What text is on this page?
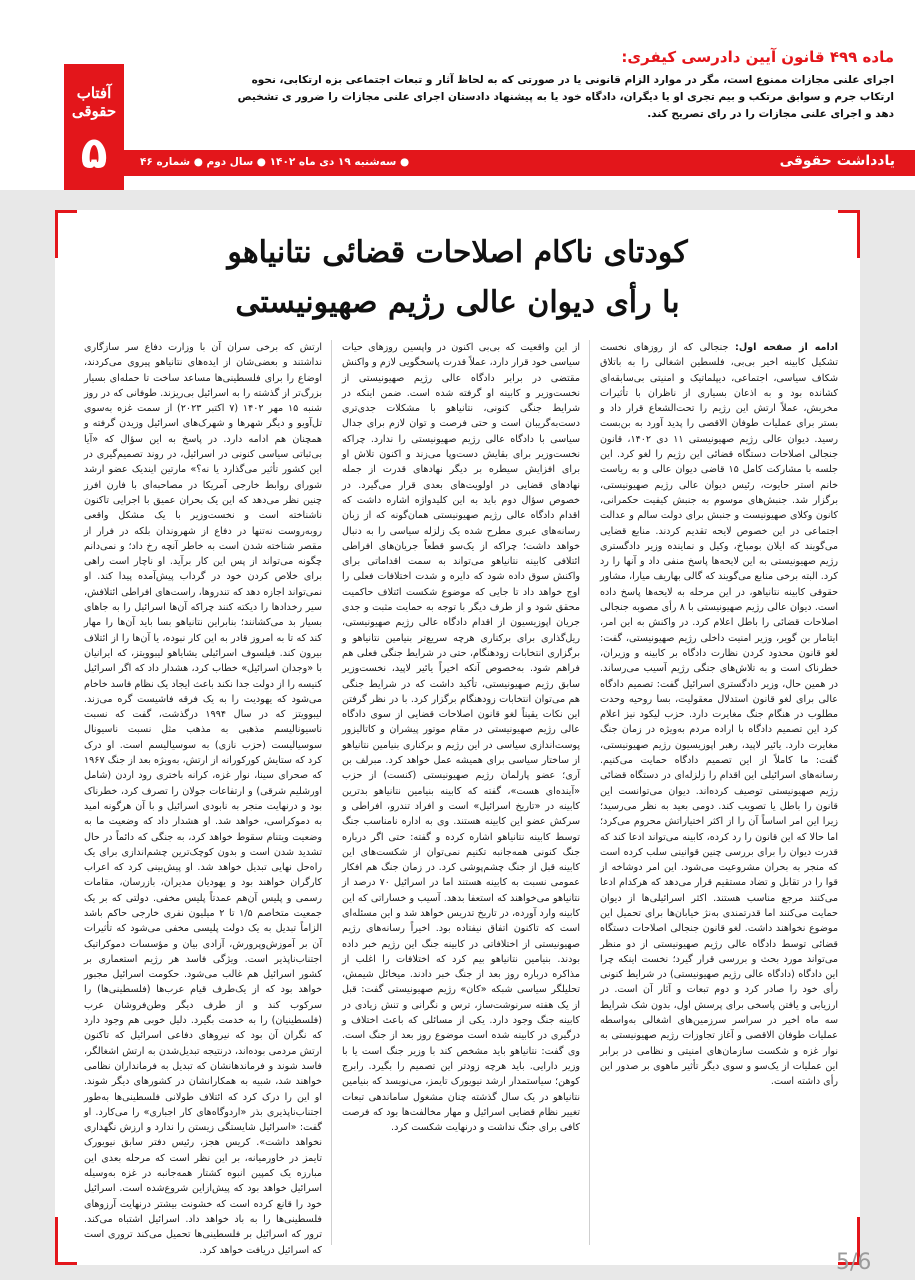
ماده ۴۹۹ قانون آیین دادرسی کیفری:
اجرای علنی مجازات ممنوع است، مگر در موارد الزام قانونی یا در صورتی که به لحاظ آثار و تبعات اجتماعی بزه ارتکابی، نحوه ارتکاب جرم و سوابق مرتکب و بیم تجری او یا دیگران، دادگاه خود یا به پیشنهاد دادستان اجرای علنی مجازات را ضرور ی تشخیص دهد و اجرای علنی مجازات را در رای تصریح کند.
آفتاب حقوقی
۵	یادداشت حقوقی
● سه‌شنبه ۱۹ دی ماه ۱۴۰۲ ● سال دوم ● شماره ۴۶
کودتای ناکام اصلاحات قضائی نتانیاهو
با رأی دیوان عالی رژیم صهیونیستی
ادامه از صفحه اول: جنجالی که از روزهای نخست تشکیل کابینه اخیر بی‌بی، فلسطین اشغالی را به باتلاق شکاف سیاسی، اجتماعی، دیپلماتیک و امنیتی بی‌سابقه‌ای کشانده بود و به اذعان بسیاری از ناظران با تأثیرات مخربش، عملاً ارتش این رژیم را تحت‌الشعاع قرار داد و بستر برای عملیات طوفان الاقصی را پدید آورد به بن‌بست رسید. دیوان عالی رژیم صهیونیستی ۱۱ دی ۱۴۰۲، قانون جنجالی اصلاحات دستگاه قضائی این رژیم را لغو کرد. این جلسه با مشارکت کامل ۱۵ قاضی دیوان عالی و به ریاست خانم استر حایوت، رئیس دیوان عالی رژیم صهیونیستی، برگزار شد. جنبش‌های موسوم به جنبش کیفیت حکمرانی، کانون وکلای صهیونیست و جنبش برای دولت سالم و عدالت اجتماعی در این خصوص لایحه تقدیم کردند. منابع قضایی می‌گویند که ایلان بومباخ، وکیل و نماینده وزیر دادگستری رژیم صهیونیستی به این لایحه‌ها پاسخ منفی داد و آنها را رد کرد. البته برخی منابع می‌گویند که گالی بهاریف میارا، مشاور حقوقی کابینه نتانیاهو، در این مرحله به لایحه‌ها پاسخ داده است. دیوان عالی رژیم صهیونیستی با ۸ رأی مصوبه جنجالی اصلاحات قضائی را باطل اعلام کرد. در واکنش به این امر، ایتامار بن گویر، وزیر امنیت داخلی رژیم صهیونیستی، گفت: لغو قانون محدود کردن نظارت دادگاه بر کابینه و وزیران، خطرناک است و به تلاش‌های جنگی رژیم آسیب می‌رساند. در همین حال، وزیر دادگستری اسرائیل گفت: تصمیم دادگاه عالی برای لغو قانون استدلال معقولیت، بسا روحیه وحدت مطلوب در هنگام جنگ مغایرت دارد. حزب لیکود نیز اعلام کرد این تصمیم دادگاه با اراده مردم به‌ویژه در زمان جنگ مغایرت دارد. یائیر لاپید، رهبر اپوزیسیون رژیم صهیونیستی، گفت: ما کاملاً از این تصمیم دادگاه حمایت می‌کنیم. رسانه‌های اسرائیلی این اقدام را زلزله‌ای در دستگاه قضائی رژیم صهیونیستی توصیف کرده‌اند. دیوان می‌توانست این قانون را باطل یا تصویب کند. دومی بعید به نظر می‌رسید؛ زیرا این امر اساساً آن را از اکثر اختیاراتش محروم می‌کرد؛ اما حالا که این قانون را رد کرده، کابینه می‌تواند ادعا کند که قدرت دیوان را برای بررسی چنین قوانینی سلب کرده است که منجر به بحران مشروعیت می‌شود. این امر دوشاخه از قوا را در تقابل و تضاد مستقیم قرار می‌دهد که هرکدام ادعا می‌کنند مرجع مناسب هستند. اکثر اسرائیلی‌ها از دیوان حمایت می‌کنند اما قدرتمندی به‌نژ خیابان‌ها برای تحمیل این موضوع نخواهند داشت. لغو قانون جنجالی اصلاحات دستگاه قضائی توسط دادگاه عالی رژیم صهیونیستی از دو منظر می‌تواند مورد بحث و بررسی قرار گیرد؛ نخست اینکه چرا این دادگاه (دادگاه عالی رژیم صهیونیستی) در شرایط کنونی رأی خود را صادر کرد و دوم تبعات و آثار آن است. در ارزیابی و یافتن پاسخی برای پرسش اول، بدون شک شرایط سه ماه اخیر در سراسر سرزمین‌های اشغالی به‌واسطه عملیات طوفان الاقصی و آغاز تجاوزات رژیم صهیونیستی به نوار غزه و شکست سازمان‌های امنیتی و نظامی در برابر این عملیات از یک‌سو و سوی دیگر تأثیر ماهوی بر صدور این رأی داشته است.
از این واقعیت که بی‌بی اکنون در واپسین روزهای حیات سیاسی خود قرار دارد، عملاً قدرت پاسخگویی لازم و واکنش مقتضی در برابر دادگاه عالی رژیم صهیونیستی از نخست‌وزیر و کابینه او گرفته شده است. ضمن اینکه در شرایط جنگی کنونی، نتانیاهو با مشکلات جدی‌تری دست‌به‌گریبان است و حتی فرصت و توان لازم برای جدال سیاسی با دادگاه عالی رژیم صهیونیستی را ندارد. چراکه نخست‌وزیر برای بقایش دست‌وپا می‌زند و اکنون تلاش او برای افزایش سیطره بر دیگر نهادهای قدرت از جمله نهادهای قضایی در اولویت‌های بعدی قرار می‌گیرد. در خصوص سؤال دوم باید به این کلیدواژه اشاره داشت که اقدام دادگاه عالی رژیم صهیونیستی همان‌گونه که از زبان رسانه‌های عبری مطرح شده یک زلزله سیاسی را به دنبال خواهد داشت؛ چراکه از یک‌سو قطعاً جریان‌های افراطی ائتلافی کابینه نتانیاهو می‌تواند به سمت اقداماتی برای واکنش سوق داده شود که دایره و شدت اختلافات فعلی را اوج خواهد داد تا جایی که موضوع شکست ائتلاف حاکمیت محقق شود و از طرف دیگر با توجه به حمایت مثبت و جدی جریان اپوزیسیون از اقدام دادگاه عالی رژیم صهیونیستی، ریل‌گذاری برای برکناری هرچه سریع‌تر بنیامین نتانیاهو و برگزاری انتخابات زودهنگام، حتی در شرایط جنگی فعلی هم فراهم شود. به‌خصوص آنکه اخیراً یائیر لاپید، نخست‌وزیر سابق رژیم صهیونیستی، تأکید داشت که در شرایط جنگی هم می‌توان انتخابات زودهنگام برگزار کرد. با در نظر گرفتن این نکات یقیناً لغو قانون اصلاحات قضایی از سوی دادگاه عالی رژیم صهیونیستی در مقام موتور پیشران و کاتالیزور پوست‌اندازی سیاسی در این رژیم و برکناری بنیامین نتانیاهو از ساختار سیاسی برای همیشه عمل خواهد کرد. مبرلف بن آری؛ عضو پارلمان رژیم صهیونیستی (کنست) از حزب «آینده‌ای هست»، گفته که کابینه بنیامین نتانیاهو بدترین کابینه در «تاریخ اسرائیل» است و افراد تندرو، افراطی و سرکش عضو این کابینه هستند. وی به اداره نامناسب جنگ توسط کابینه نتانیاهو اشاره کرده و گفته: حتی اگر درباره جنگ کنونی همه‌جانبه تکنیم نمی‌توان از شکست‌های این کابینه قبل از جنگ چشم‌پوشی کرد. در زمان جنگ هم افکار عمومی نسبت به کابینه هستند اما در اسرائیل ۷۰ درصد از نتانیاهو می‌خواهند که استعفا بدهد. آسیب و خساراتی که این کابینه وارد آورده، در تاریخ تدریس خواهد شد و این مسئله‌ای است که تاکنون اتفاق نیفتاده بود. اخیراً رسانه‌های رژیم صهیونیستی از اختلافاتی در کابینه جنگ این رژیم خبر داده بودند. بنیامین نتانیاهو بیم کرد که اختلافات را اغلب از مذاکره درباره روز بعد از جنگ خبر دادند. میخائل شیمش، تحلیلگر سیاسی شبکه «کان» رژیم صهیونیستی گفت: قبل از یک هفته سرنوشت‌ساز، ترس و نگرانی و تنش زیادی در کابینه جنگ وجود دارد. یکی از مسائلی که باعث اختلاف و درگیری در کابینه شده است موضوع روز بعد از جنگ است. وی گفت: نتانیاهو باید مشخص کند با وزیر جنگ است یا با وزیر دارایی. باید هرچه زودتر این تصمیم را بگیرد. رابرج کوهن؛ سیاستمدار ارشد نیویورک تایمز، می‌نویسد که بنیامین نتانیاهو در یک سال گذشته چنان مشغول ساماندهی تبعات تغییر نظام قضایی اسرائیل و مهار مخالفت‌ها بود که فرصت کافی برای جنگ نداشت و درنهایت شکست کرد.
ارتش که برخی سران آن با وزارت دفاع سر سازگاری نداشتند و بعضی‌شان از ایده‌های نتانیاهو پیروی می‌کردند، اوضاع را برای فلسطینی‌ها مساعد ساخت تا حمله‌ای بسیار بزرگ‌تر از گذشته را به اسرائیل بی‌ریزند. طوفانی که در روز شنبه ۱۵ مهر ۱۴۰۲ (۷ اکتبر ۲۰۲۳) از سمت غزه به‌سوی تل‌آویو و دیگر شهرها و شهرک‌های اسرائیل وزیدن گرفته و همچنان هم ادامه دارد. در پاسخ به این سؤال که «آیا بی‌ثباتی سیاسی کنونی در اسرائیل، در روند تصمیم‌گیری در این کشور تأثیر می‌گذارد یا نه؟» مارتین ایندیک عضو ارشد شورای روابط خارجی آمریکا در مصاحبه‌ای با فارن افرز چنین نظر می‌دهد که این یک بحران عمیق با اجرایی تاکنون ناشناخته است و نخست‌وزیر با یک مشکل واقعی روبه‌روست نه‌تنها در دفاع از شهروندان بلکه در فرار از مقصر شناخته شدن است به خاطر آنچه رخ داد؛ و نمی‌دانم چگونه می‌تواند از پس این کار برآید. او ناچار است راهی برای خلاص کردن خود در گرداب پیش‌آمده پیدا کند. او نمی‌تواند اجازه دهد که تندروها، راست‌های افراطی ائتلافش، سیر رخدادها را دیکته کنند چراکه آن‌ها اسرائیل را به جاهای بسیار بد می‌کشانند؛ بنابراین نتانیاهو بسا باید آن‌ها را مهار کند که تا به امروز قادر به این کار نبوده، یا آن‌ها را از ائتلاف بیرون کند. فیلسوف اسرائیلی یشایاهو لیبوویتز، که ایرانیان با «وجدان اسرائیل» خطاب کرد، هشدار داد که اگر اسرائیل کنیسه را از دولت جدا نکند باعث ایجاد یک نظام فاسد خاخام می‌شود که یهودیت را به یک فرقه فاشیست گره می‌زند. لیبوویتز که در سال ۱۹۹۴ درگذشت، گفت که نسبت ناسیونالیسم مذهبی به مذهب مثل نسبت ناسیونال سوسیالیست (حزب نازی) به سوسیالیسم است. او درک کرد که ستایش کورکورانه از ارتش، به‌ویژه بعد از جنگ ۱۹۶۷ که صحرای سینا، نوار غزه، کرانه باختری رود اردن (شامل اورشلیم شرقی) و ارتفاعات جولان را تصرف کرد، خطرناک بود و درنهایت منجر به نابودی اسرائیل و با آن هرگونه امید به دموکراسی، خواهد شد. او هشدار داد که وضعیت ما به وضعیت ویتنام سقوط خواهد کرد، به جنگی که دائماً در حال تشدید شدن است و بدون کوچک‌ترین چشم‌اندازی برای یک راه‌حل نهایی تبدیل خواهد شد. او پیش‌بینی کرد که اعراب کارگران خواهند بود و یهودیان مدیران، بازرسان، مقامات رسمی و پلیس آن‌هم عمدتاً پلیس مخفی. دولتی که بر یک جمعیت متخاصم ۱/۵ تا ۲ میلیون نفری خارجی حاکم باشد الزاماً تبدیل به یک دولت پلیسی مخفی می‌شود که تأثیرات آن بر آموزش‌وپرورش، آزادی بیان و مؤسسات دموکراتیک اجتناب‌ناپذیر است. ویژگی فاسد هر رژیم استعماری بر کشور اسرائیل هم غالب می‌شود. حکومت اسرائیل مجبور خواهد بود که از یک‌طرف قیام عرب‌ها (فلسطینی‌ها) را سرکوب کند و از طرف دیگر وطن‌فروشان عرب (فلسطینیان) را به خدمت بگیرد. دلیل خوبی هم وجود دارد که نگران آن بود که نیروهای دفاعی اسرائیل که تاکنون ارتش مردمی بوده‌اند، درنتیجه تبدیل‌شدن به ارتش اشغالگر، فاسد شوند و فرماندهانشان که تبدیل به فرمانداران نظامی خواهند شد، شبیه به همکارانشان در کشورهای دیگر شوند. او این را درک کرد که ائتلاف طولانی فلسطینی‌ها به‌طور اجتناب‌ناپذیری بذر «اردوگاه‌های کار اجباری» را می‌کارد. او گفت: «اسرائیل شایستگی زیستن را ندارد و ارزش نگهداری نخواهد داشت». کریس هجز، رئیس دفتر سابق نیویورک تایمز در خاورمیانه، بر این نظر است که مرحله بعدی این مبارزه یک کمپین انبوه کشتار همه‌جانبه در غزه به‌وسیله اسرائیل خواهد بود که پیش‌ازاین شروع‌شده است. اسرائیل خود را قانع کرده است که خشونت بیشتر درنهایت آرزوهای فلسطینی‌ها را به باد خواهد داد. اسرائیل اشتباه می‌کند. ترور که اسرائیل بر فلسطینی‌ها تحمیل می‌کند تروری است که اسرائیل دریافت خواهد کرد.	5/6
